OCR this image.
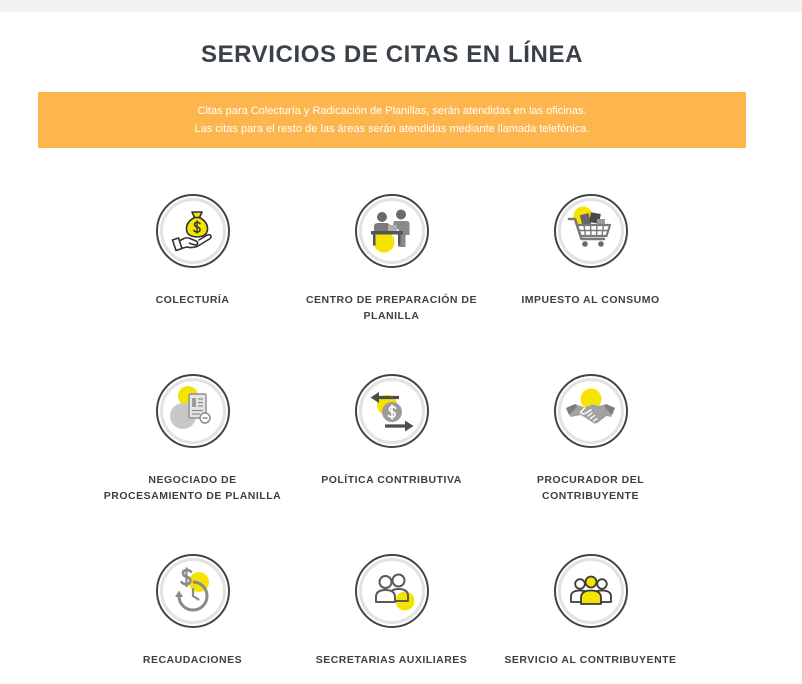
SERVICIOS DE CITAS EN LÍNEA
Citas para Colecturía y Radicación de Planillas, serán atendidas en las oficinas.
Las citas para el resto de las áreas serán atendidas mediante llamada telefónica.
COLECTURÍA	CENTRO DE PREPARACIÓN DE
PLANILLA
IMPUESTO AL CONSUMO
NEGOCIADO DE
PROCESAMIENTO DE PLANILLA
POLÍTICA CONTRIBUTIVA	PROCURADOR DEL
CONTRIBUYENTE
RECAUDACIONES	SECRETARIAS AUXILIARES	SERVICIO AL CONTRIBUYENTE
